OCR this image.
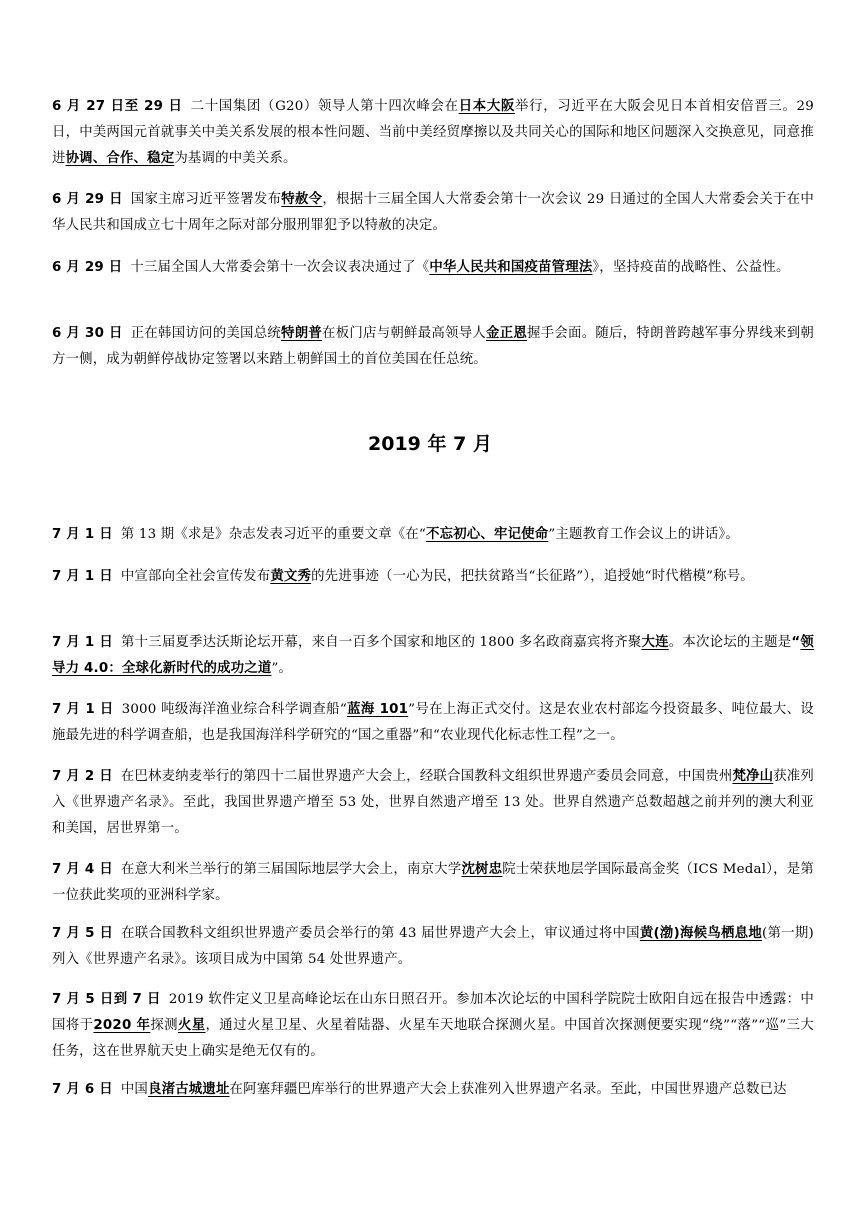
6 月 27 日至 29 日 二十国集团（G20）领导人第十四次峰会在日本大阪举行，习近平在大阪会见日本首相安倍晋三。29 日，中美两国元首就事关中美关系发展的根本性问题、当前中美经贸摩擦以及共同关心的国际和地区问题深入交换意见，同意推进协调、合作、稳定为基调的中美关系。

6 月 29 日 国家主席习近平签署发布特赦令，根据十三届全国人大常委会第十一次会议 29 日通过的全国人大常委会关于在中华人民共和国成立七十周年之际对部分服刑罪犯予以特赦的决定。

6 月 29 日 十三届全国人大常委会第十一次会议表决通过了《中华人民共和国疫苗管理法》，坚持疫苗的战略性、公益性。

6 月 30 日 正在韩国访问的美国总统特朗普在板门店与朝鲜最高领导人金正恩握手会面。随后，特朗普跨越军事分界线来到朝方一侧，成为朝鲜停战协定签署以来踏上朝鲜国土的首位美国在任总统。

2019 年 7 月

7 月 1 日 第 13 期《求是》杂志发表习近平的重要文章《在“不忘初心、牢记使命”主题教育工作会议上的讲话》。

7 月 1 日 中宣部向全社会宣传发布黄文秀的先进事迹（一心为民，把扶贫路当“长征路”），追授她“时代楷模”称号。

7 月 1 日 第十三届夏季达沃斯论坛开幕，来自一百多个国家和地区的 1800 多名政商嘉宾将齐聚大连。本次论坛的主题是“领导力 4.0：全球化新时代的成功之道”。

7 月 1 日 3000 吨级海洋渔业综合科学调查船“蓝海 101”号在上海正式交付。这是农业农村部迄今投资最多、吨位最大、设施最先进的科学调查船，也是我国海洋科学研究的“国之重器”和“农业现代化标志性工程”之一。

7 月 2 日 在巴林麦纳麦举行的第四十二届世界遗产大会上，经联合国教科文组织世界遗产委员会同意，中国贵州梵净山获准列入《世界遗产名录》。至此，我国世界遗产增至 53 处，世界自然遗产增至 13 处。世界自然遗产总数超越之前并列的澳大利亚和美国，居世界第一。

7 月 4 日 在意大利米兰举行的第三届国际地层学大会上，南京大学沈树忠院士荣获地层学国际最高金奖（ICS Medal），是第一位获此奖项的亚洲科学家。

7 月 5 日 在联合国教科文组织世界遗产委员会举行的第 43 届世界遗产大会上，审议通过将中国黄(渤)海候鸟栖息地(第一期)列入《世界遗产名录》。该项目成为中国第 54 处世界遗产。

7 月 5 日到 7 日 2019 软件定义卫星高峰论坛在山东日照召开。参加本次论坛的中国科学院院士欧阳自远在报告中透露：中国将于2020 年探测火星，通过火星卫星、火星着陆器、火星车天地联合探测火星。中国首次探测便要实现“绕”“落”“巡”三大任务，这在世界航天史上确实是绝无仅有的。

7 月 6 日 中国良渚古城遗址在阿塞拜疆巴库举行的世界遗产大会上获准列入世界遗产名录。至此，中国世界遗产总数已达
